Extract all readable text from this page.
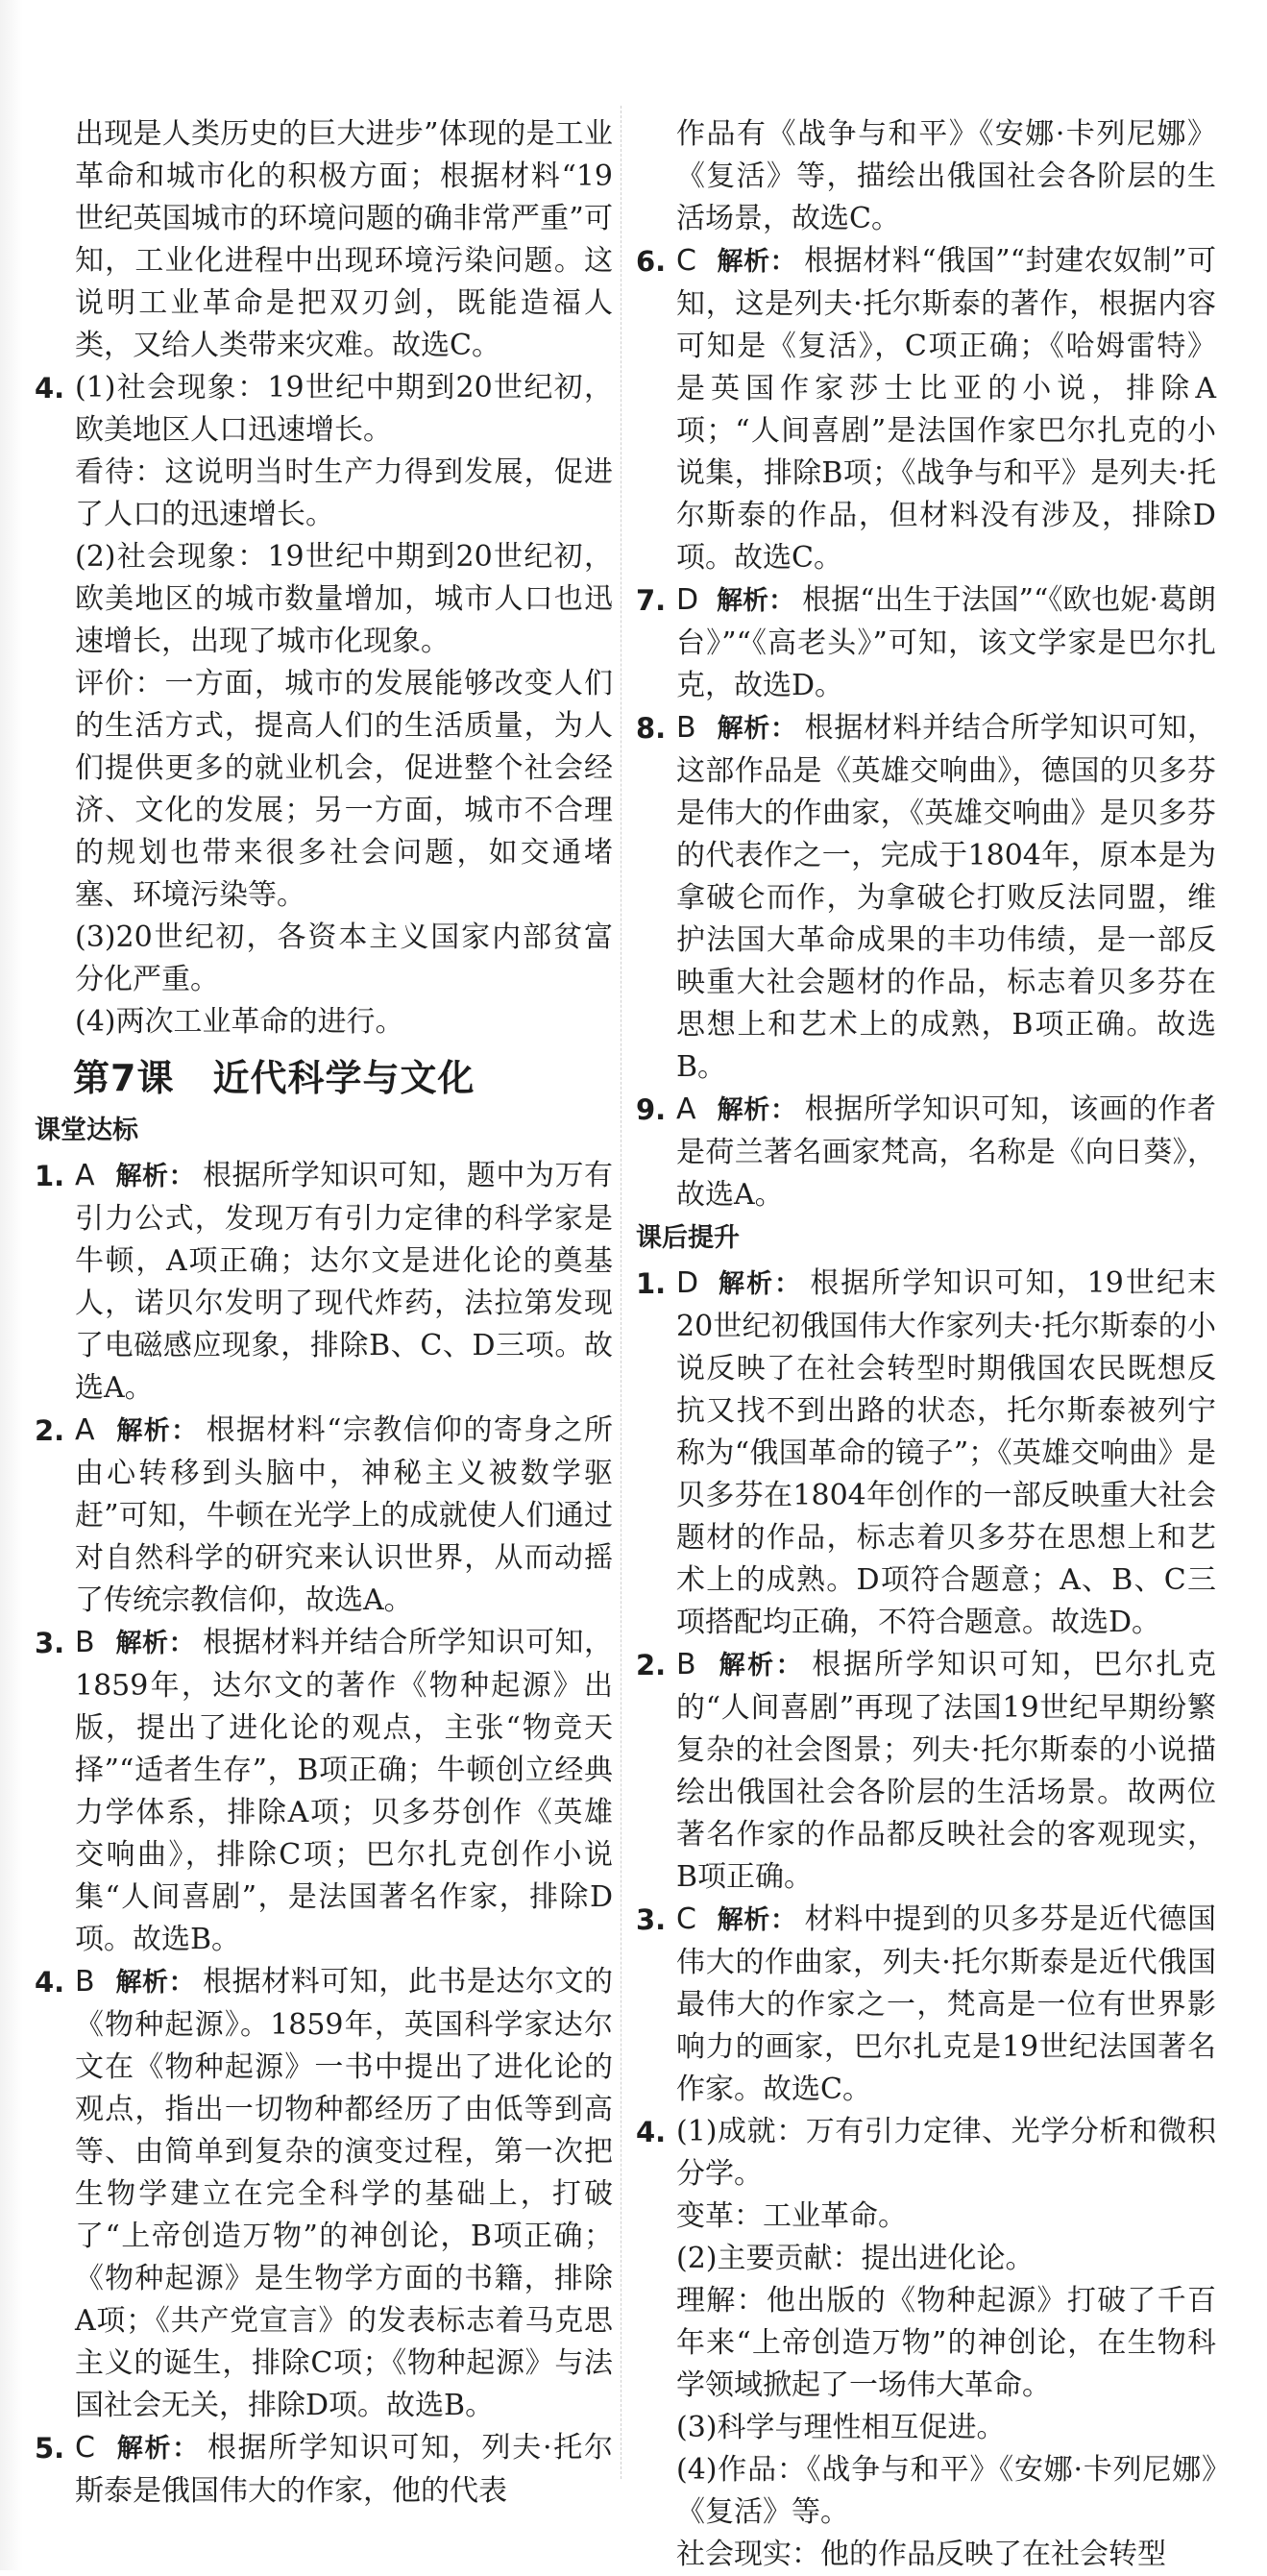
出现是人类历史的巨大进步”体现的是工业革命和城市化的积极方面；根据材料“19世纪英国城市的环境问题的确非常严重”可知，工业化进程中出现环境污染问题。这说明工业革命是把双刃剑，既能造福人类，又给人类带来灾难。故选C。

4. (1)社会现象：19世纪中期到20世纪初，欧美地区人口迅速增长。

看待：这说明当时生产力得到发展，促进了人口的迅速增长。

(2)社会现象：19世纪中期到20世纪初，欧美地区的城市数量增加，城市人口也迅速增长，出现了城市化现象。

评价：一方面，城市的发展能够改变人们的生活方式，提高人们的生活质量，为人们提供更多的就业机会，促进整个社会经济、文化的发展；另一方面，城市不合理的规划也带来很多社会问题，如交通堵塞、环境污染等。

(3)20世纪初，各资本主义国家内部贫富分化严重。

(4)两次工业革命的进行。

第7课 近代科学与文化
课堂达标
1. A 解析： 根据所学知识可知，题中为万有引力公式，发现万有引力定律的科学家是牛顿，A项正确；达尔文是进化论的奠基人，诺贝尔发明了现代炸药，法拉第发现了电磁感应现象，排除B、C、D三项。故选A。

2. A 解析： 根据材料“宗教信仰的寄身之所由心转移到头脑中，神秘主义被数学驱赶”可知，牛顿在光学上的成就使人们通过对自然科学的研究来认识世界，从而动摇了传统宗教信仰，故选A。

3. B 解析： 根据材料并结合所学知识可知，1859年，达尔文的著作《物种起源》出版，提出了进化论的观点，主张“物竞天择”“适者生存”，B项正确；牛顿创立经典力学体系，排除A项；贝多芬创作《英雄交响曲》，排除C项；巴尔扎克创作小说集“人间喜剧”，是法国著名作家，排除D项。故选B。

4. B 解析： 根据材料可知，此书是达尔文的《物种起源》。1859年，英国科学家达尔文在《物种起源》一书中提出了进化论的观点，指出一切物种都经历了由低等到高等、由简单到复杂的演变过程，第一次把生物学建立在完全科学的基础上，打破了“上帝创造万物”的神创论，B项正确；《物种起源》是生物学方面的书籍，排除A项；《共产党宣言》的发表标志着马克思主义的诞生，排除C项；《物种起源》与法国社会无关，排除D项。故选B。

5. C 解析： 根据所学知识可知，列夫·托尔斯泰是俄国伟大的作家，他的代表

作品有《战争与和平》《安娜·卡列尼娜》《复活》等，描绘出俄国社会各阶层的生活场景，故选C。

6. C 解析： 根据材料“俄国”“封建农奴制”可知，这是列夫·托尔斯泰的著作，根据内容可知是《复活》，C项正确；《哈姆雷特》是英国作家莎士比亚的小说，排除A项；“人间喜剧”是法国作家巴尔扎克的小说集，排除B项；《战争与和平》是列夫·托尔斯泰的作品，但材料没有涉及，排除D项。故选C。

7. D 解析： 根据“出生于法国”“《欧也妮·葛朗台》”“《高老头》”可知，该文学家是巴尔扎克，故选D。

8. B 解析： 根据材料并结合所学知识可知，这部作品是《英雄交响曲》，德国的贝多芬是伟大的作曲家，《英雄交响曲》是贝多芬的代表作之一，完成于1804年，原本是为拿破仑而作，为拿破仑打败反法同盟，维护法国大革命成果的丰功伟绩，是一部反映重大社会题材的作品，标志着贝多芬在思想上和艺术上的成熟，B项正确。故选B。

9. A 解析： 根据所学知识可知，该画的作者是荷兰著名画家梵高，名称是《向日葵》，故选A。

课后提升
1. D 解析： 根据所学知识可知，19世纪末20世纪初俄国伟大作家列夫·托尔斯泰的小说反映了在社会转型时期俄国农民既想反抗又找不到出路的状态，托尔斯泰被列宁称为“俄国革命的镜子”；《英雄交响曲》是贝多芬在1804年创作的一部反映重大社会题材的作品，标志着贝多芬在思想上和艺术上的成熟。D项符合题意；A、B、C三项搭配均正确，不符合题意。故选D。

2. B 解析： 根据所学知识可知，巴尔扎克的“人间喜剧”再现了法国19世纪早期纷繁复杂的社会图景；列夫·托尔斯泰的小说描绘出俄国社会各阶层的生活场景。故两位著名作家的作品都反映社会的客观现实，B项正确。

3. C 解析： 材料中提到的贝多芬是近代德国伟大的作曲家，列夫·托尔斯泰是近代俄国最伟大的作家之一，梵高是一位有世界影响力的画家，巴尔扎克是19世纪法国著名作家。故选C。

4. (1)成就：万有引力定律、光学分析和微积分学。

变革：工业革命。

(2)主要贡献：提出进化论。

理解：他出版的《物种起源》打破了千百年来“上帝创造万物”的神创论，在生物科学领域掀起了一场伟大革命。

(3)科学与理性相互促进。

(4)作品：《战争与和平》《安娜·卡列尼娜》《复活》等。

社会现实：他的作品反映了在社会转型
